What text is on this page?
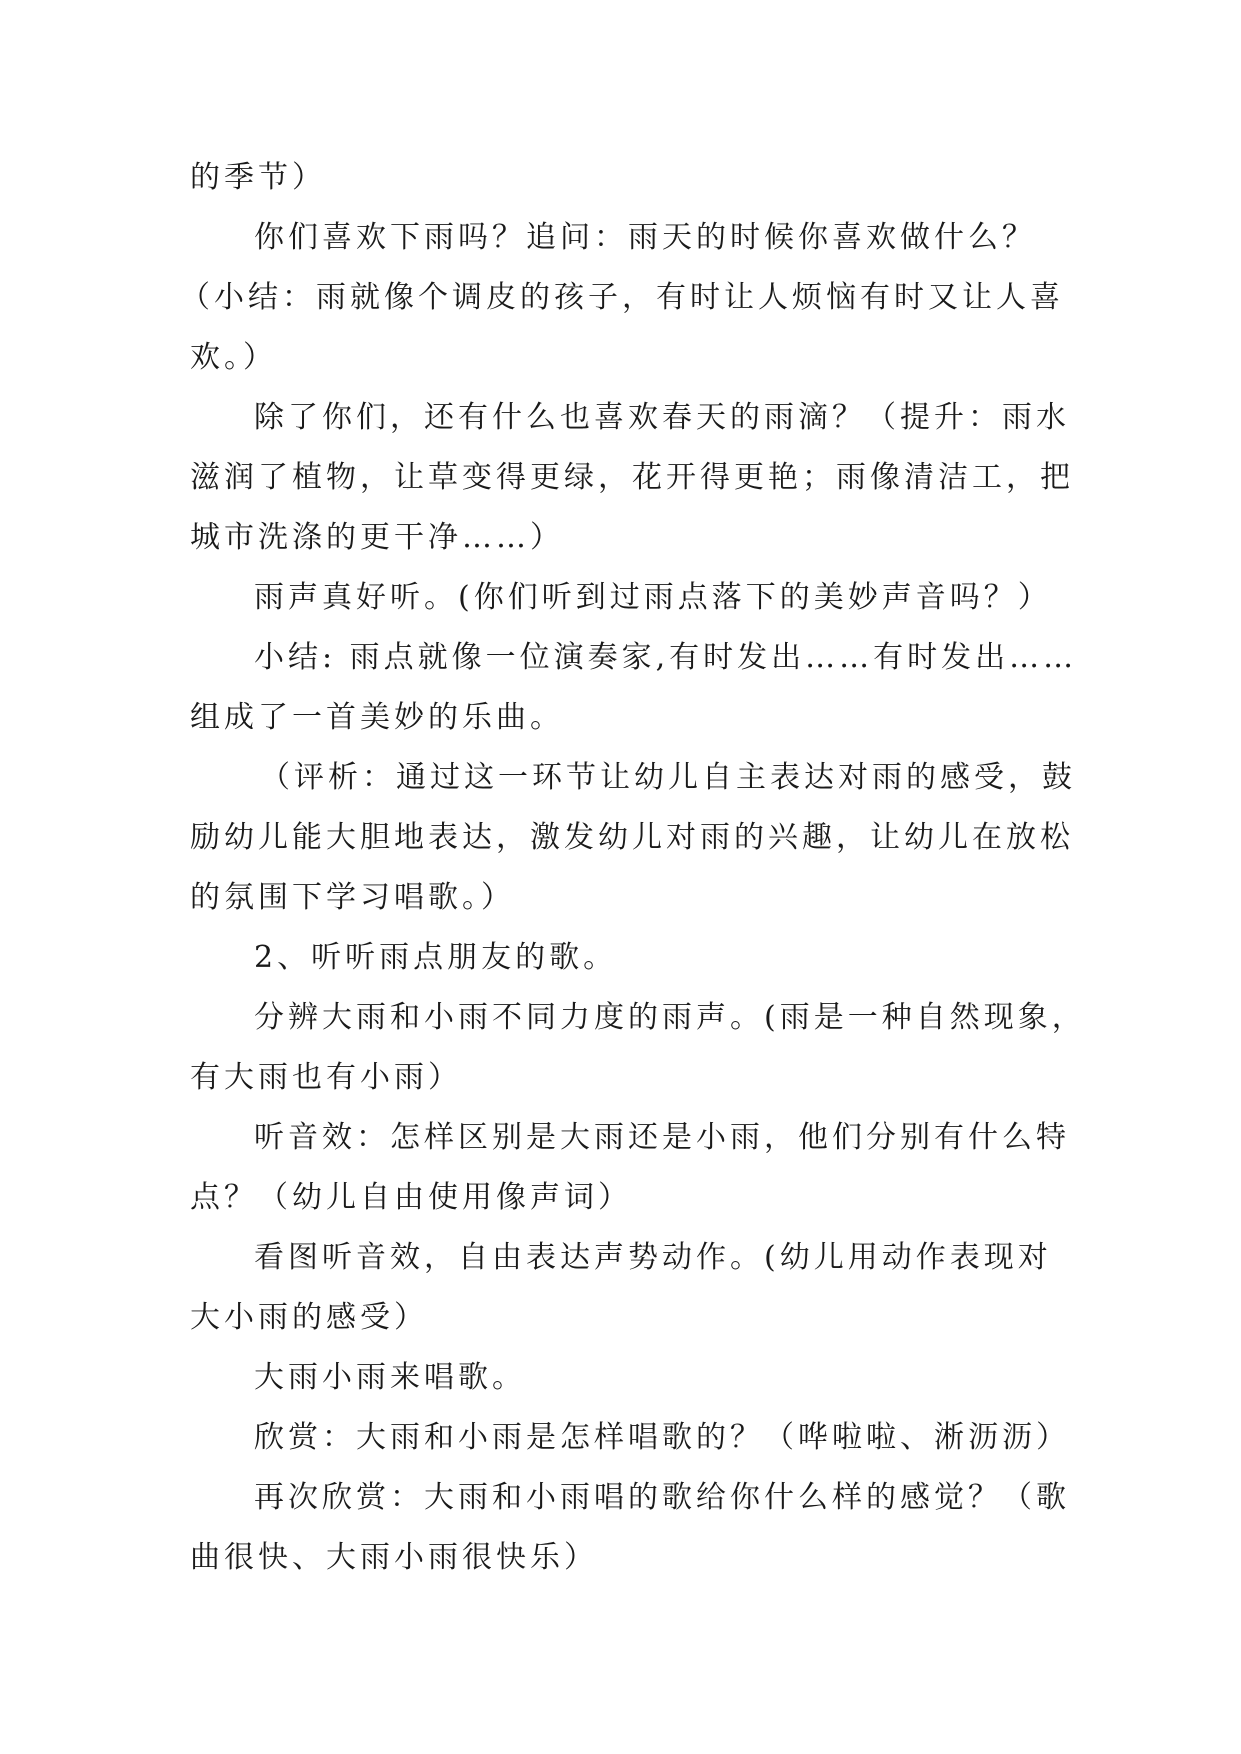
的季节）
你们喜欢下雨吗？追问：雨天的时候你喜欢做什么？
（小结：雨就像个调皮的孩子，有时让人烦恼有时又让人喜
欢。）
除了你们，还有什么也喜欢春天的雨滴？（提升：雨水
滋润了植物，让草变得更绿，花开得更艳；雨像清洁工，把
城市洗涤的更干净……）
雨声真好听。(你们听到过雨点落下的美妙声音吗？）
小结: 雨点就像一位演奏家,有时发出……有时发出……
组成了一首美妙的乐曲。
（评析：通过这一环节让幼儿自主表达对雨的感受，鼓
励幼儿能大胆地表达，激发幼儿对雨的兴趣，让幼儿在放松
的氛围下学习唱歌。）
2、听听雨点朋友的歌。
分辨大雨和小雨不同力度的雨声。(雨是一种自然现象，
有大雨也有小雨）
听音效：怎样区别是大雨还是小雨，他们分别有什么特
点？（幼儿自由使用像声词）
看图听音效，自由表达声势动作。(幼儿用动作表现对
大小雨的感受）
大雨小雨来唱歌。
欣赏：大雨和小雨是怎样唱歌的？（哗啦啦、淅沥沥）
再次欣赏：大雨和小雨唱的歌给你什么样的感觉？（歌
曲很快、大雨小雨很快乐）
